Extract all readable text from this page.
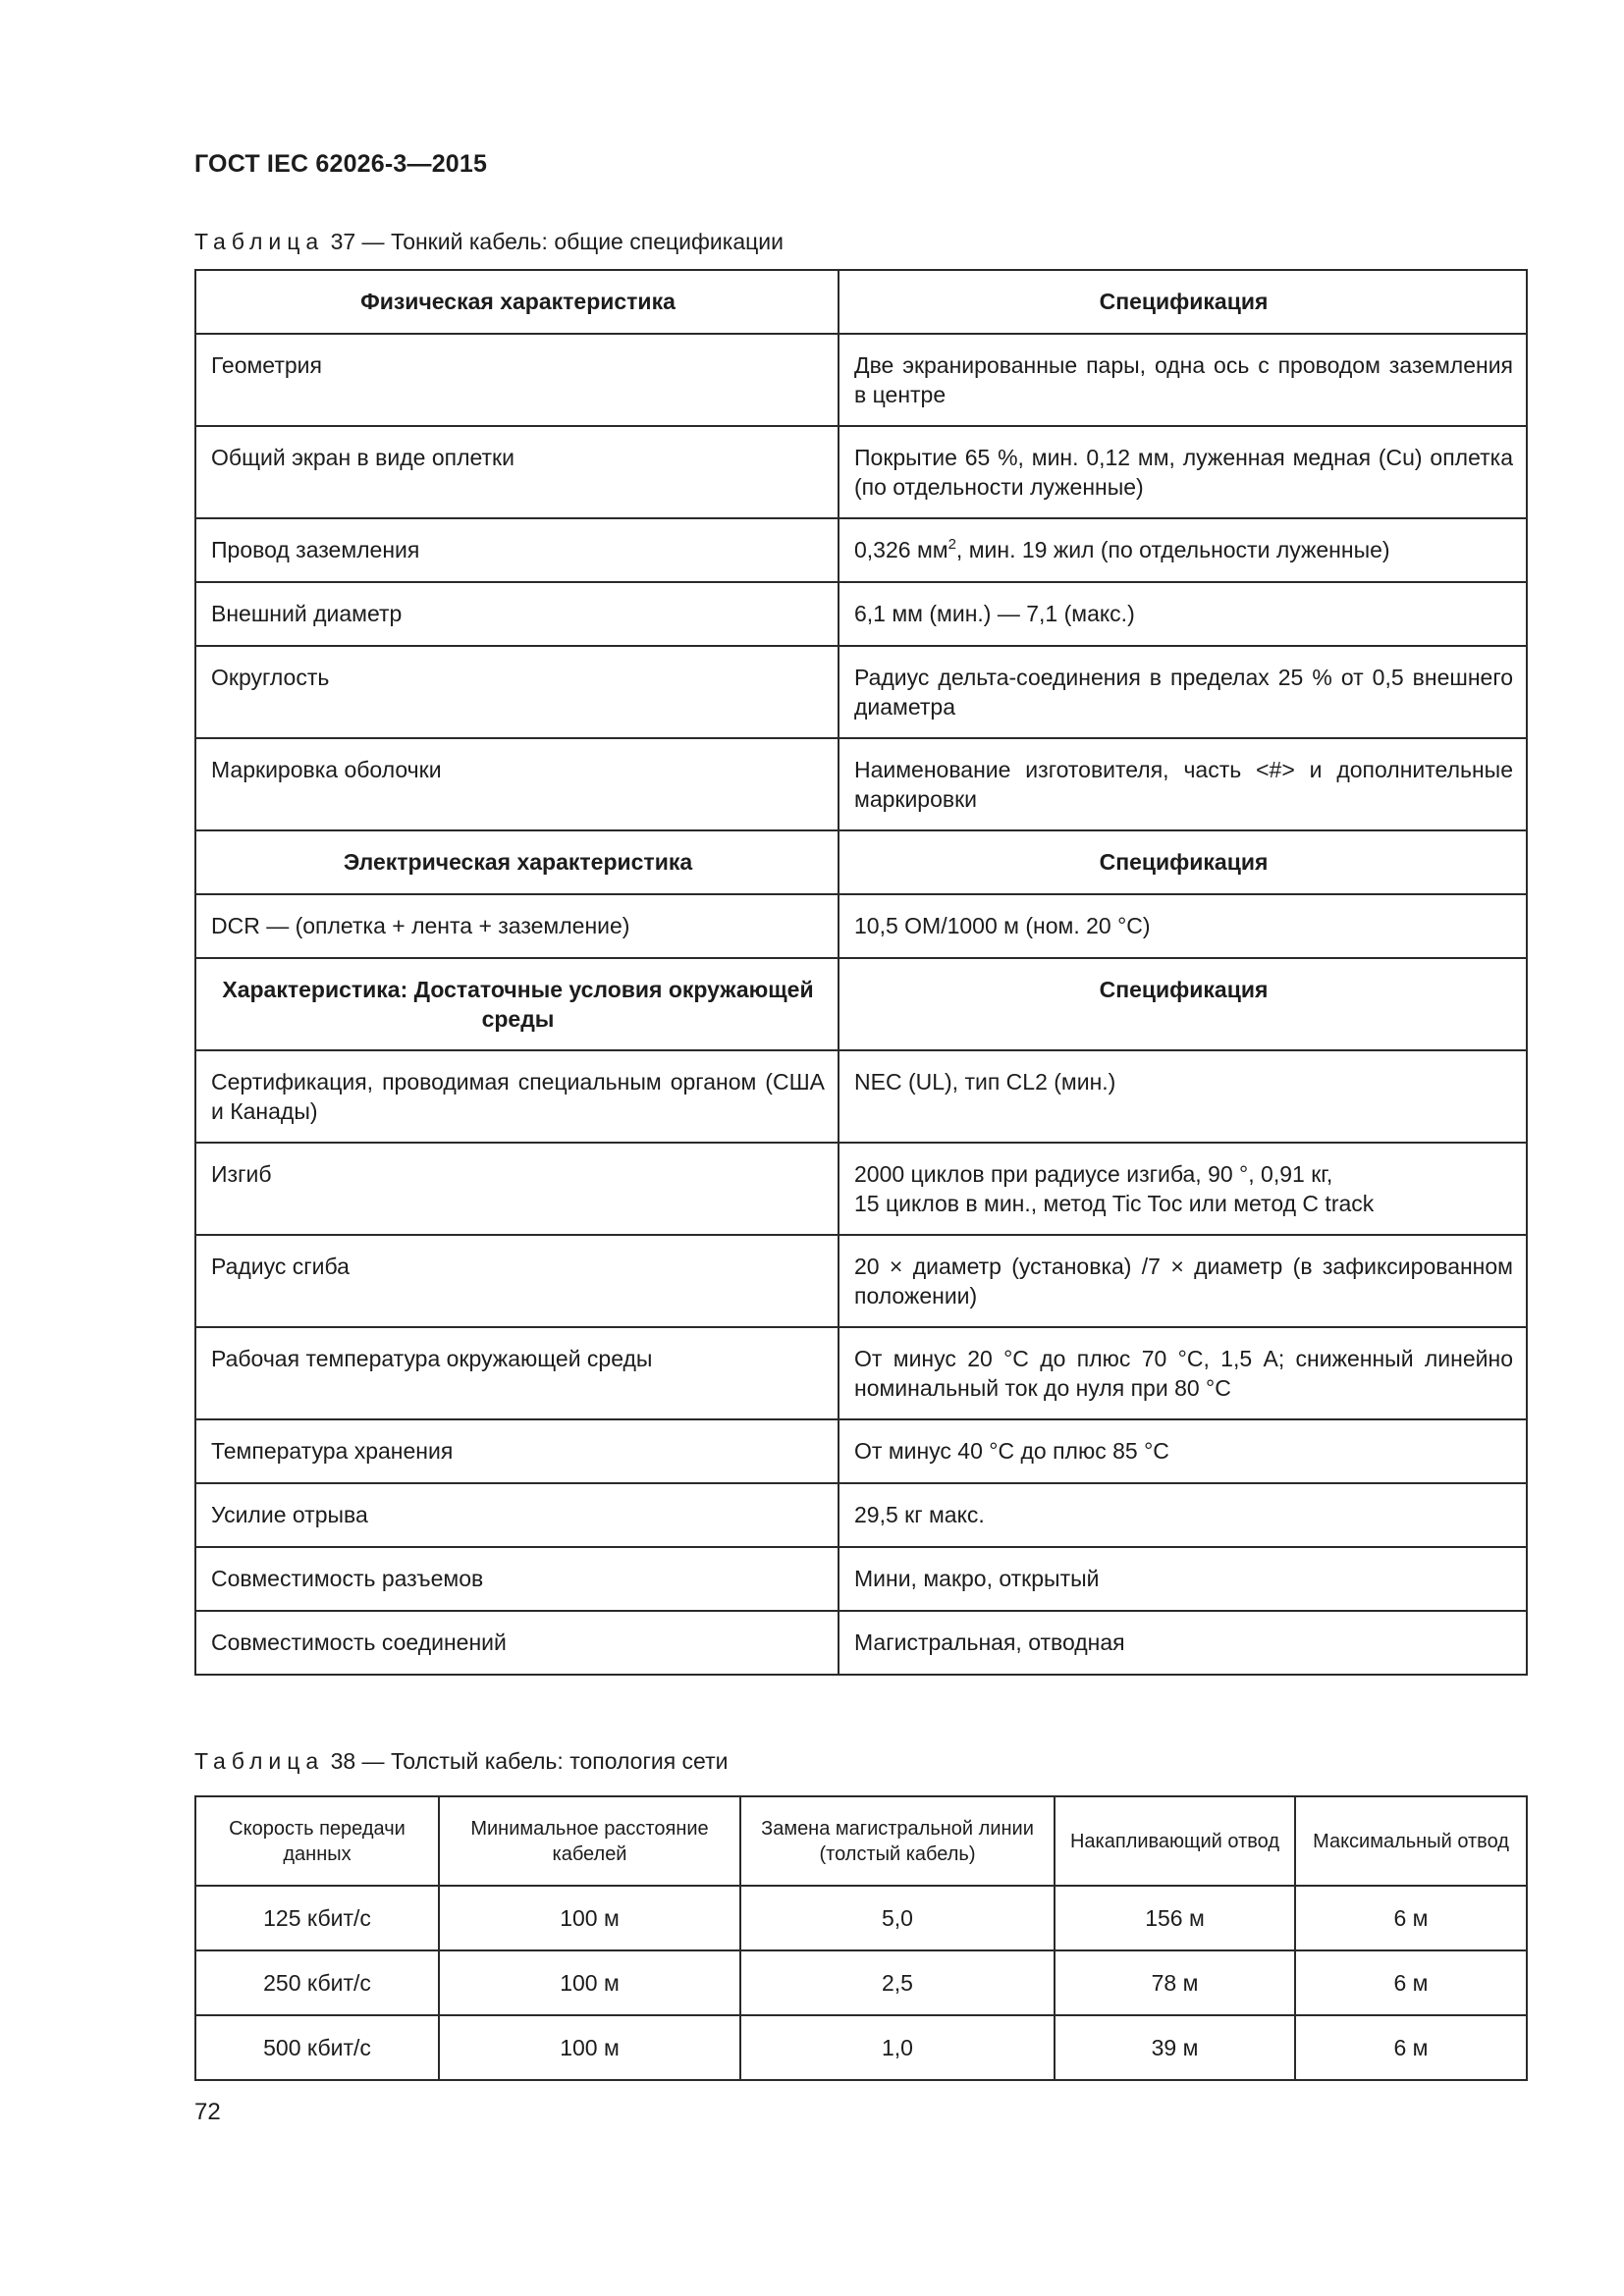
ГОСТ IEC 62026-3—2015
Таблица 37 — Тонкий кабель: общие спецификации
Физическая характеристика	Спецификация
Геометрия	Две экранированные пары, одна ось с проводом заземления в центре
Общий экран в виде оплетки	Покрытие 65 %, мин. 0,12 мм, луженная медная (Cu) оплетка (по отдельности луженные)
Провод заземления	0,326 $мм^2$, мин. 19 жил (по отдельности луженные)
Внешний диаметр	6,1 мм (мин.) — 7,1 (макс.)
Округлость	Радиус дельта-соединения в пределах 25 % от 0,5 внешнего диаметра
Маркировка оболочки	Наименование изготовителя, часть <#> и дополнительные маркировки
Электрическая характеристика	Спецификация
DCR — (оплетка + лента + заземление)	10,5 ОМ/1000 м (ном. 20 °C)
Характеристика: Достаточные условия окружающей среды	Спецификация
Сертификация, проводимая специальным органом (США и Канады)	NEC (UL), тип CL2 (мин.)
Изгиб	2000 циклов при радиусе изгиба, 90 °, 0,91 кг,
15 циклов в мин., метод Tic Toc или метод C track
Радиус сгиба	20 × диаметр (установка) /7 × диаметр (в зафиксированном положении)
Рабочая температура окружающей среды	От минус 20 °C до плюс 70 °C, 1,5 А; сниженный линейно номинальный ток до нуля при 80 °C
Температура хранения	От минус 40 °C до плюс 85 °C
Усилие отрыва	29,5 кг макс.
Совместимость разъемов	Мини, макро, открытый
Совместимость соединений	Магистральная, отводная
Таблица 38 — Толстый кабель: топология сети
Скорость передачи данных	Минимальное расстояние кабелей	Замена магистральной линии (толстый кабель)	Накапливающий отвод	Максимальный отвод
125 кбит/с	100 м	5,0	156 м	6 м
250 кбит/с	100 м	2,5	78 м	6 м
500 кбит/с	100 м	1,0	39 м	6 м
72
